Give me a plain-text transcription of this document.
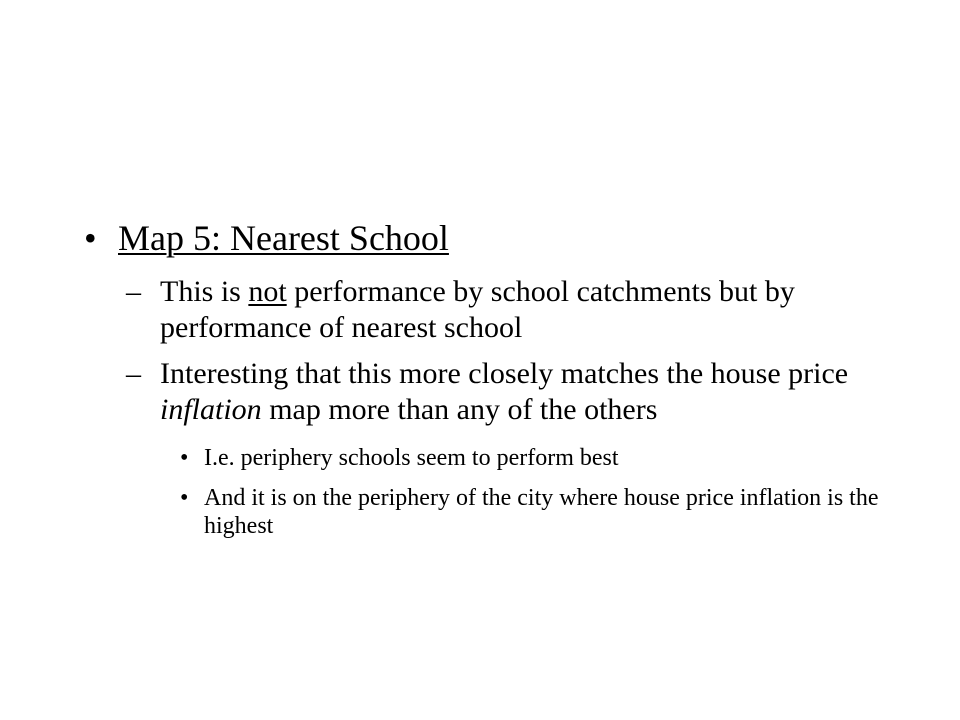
• Map 5: Nearest School
– This is not performance by school catchments but by performance of nearest school
– Interesting that this more closely matches the house price inflation map more than any of the others
• I.e. periphery schools seem to perform best
• And it is on the periphery of the city where house price inflation is the highest
